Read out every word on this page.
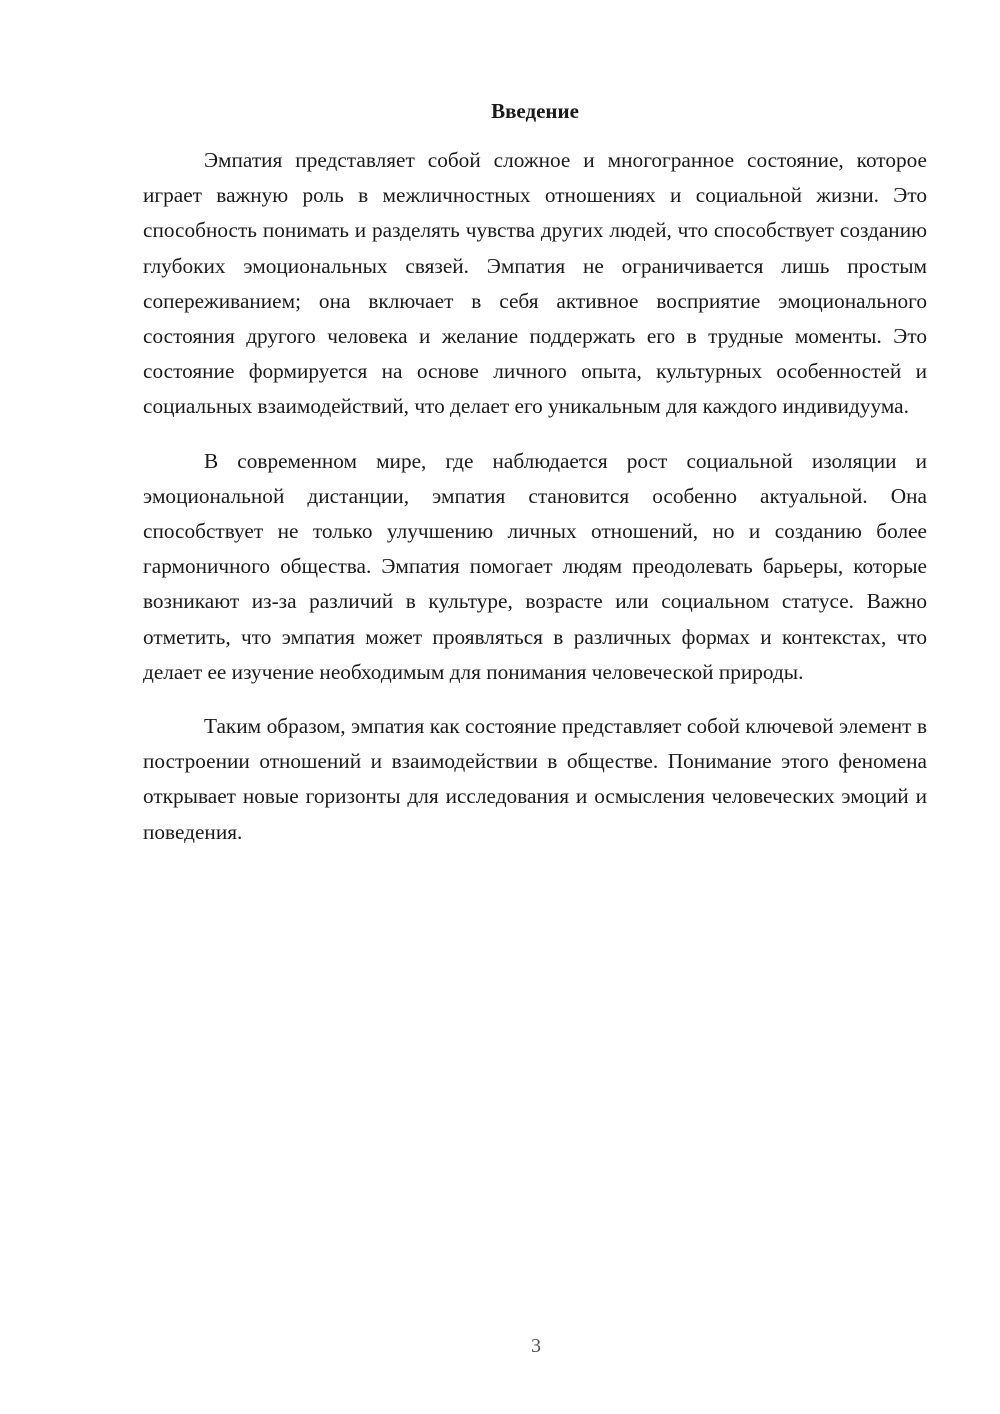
Введение

Эмпатия представляет собой сложное и многогранное состояние, которое играет важную роль в межличностных отношениях и социальной жизни. Это способность понимать и разделять чувства других людей, что способствует созданию глубоких эмоциональных связей. Эмпатия не ограничивается лишь простым сопереживанием; она включает в себя активное восприятие эмоционального состояния другого человека и желание поддержать его в трудные моменты. Это состояние формируется на основе личного опыта, культурных особенностей и социальных взаимодействий, что делает его уникальным для каждого индивидуума.

В современном мире, где наблюдается рост социальной изоляции и эмоциональной дистанции, эмпатия становится особенно актуальной. Она способствует не только улучшению личных отношений, но и созданию более гармоничного общества. Эмпатия помогает людям преодолевать барьеры, которые возникают из-за различий в культуре, возрасте или социальном статусе. Важно отметить, что эмпатия может проявляться в различных формах и контекстах, что делает ее изучение необходимым для понимания человеческой природы.

Таким образом, эмпатия как состояние представляет собой ключевой элемент в построении отношений и взаимодействии в обществе. Понимание этого феномена открывает новые горизонты для исследования и осмысления человеческих эмоций и поведения.

3
